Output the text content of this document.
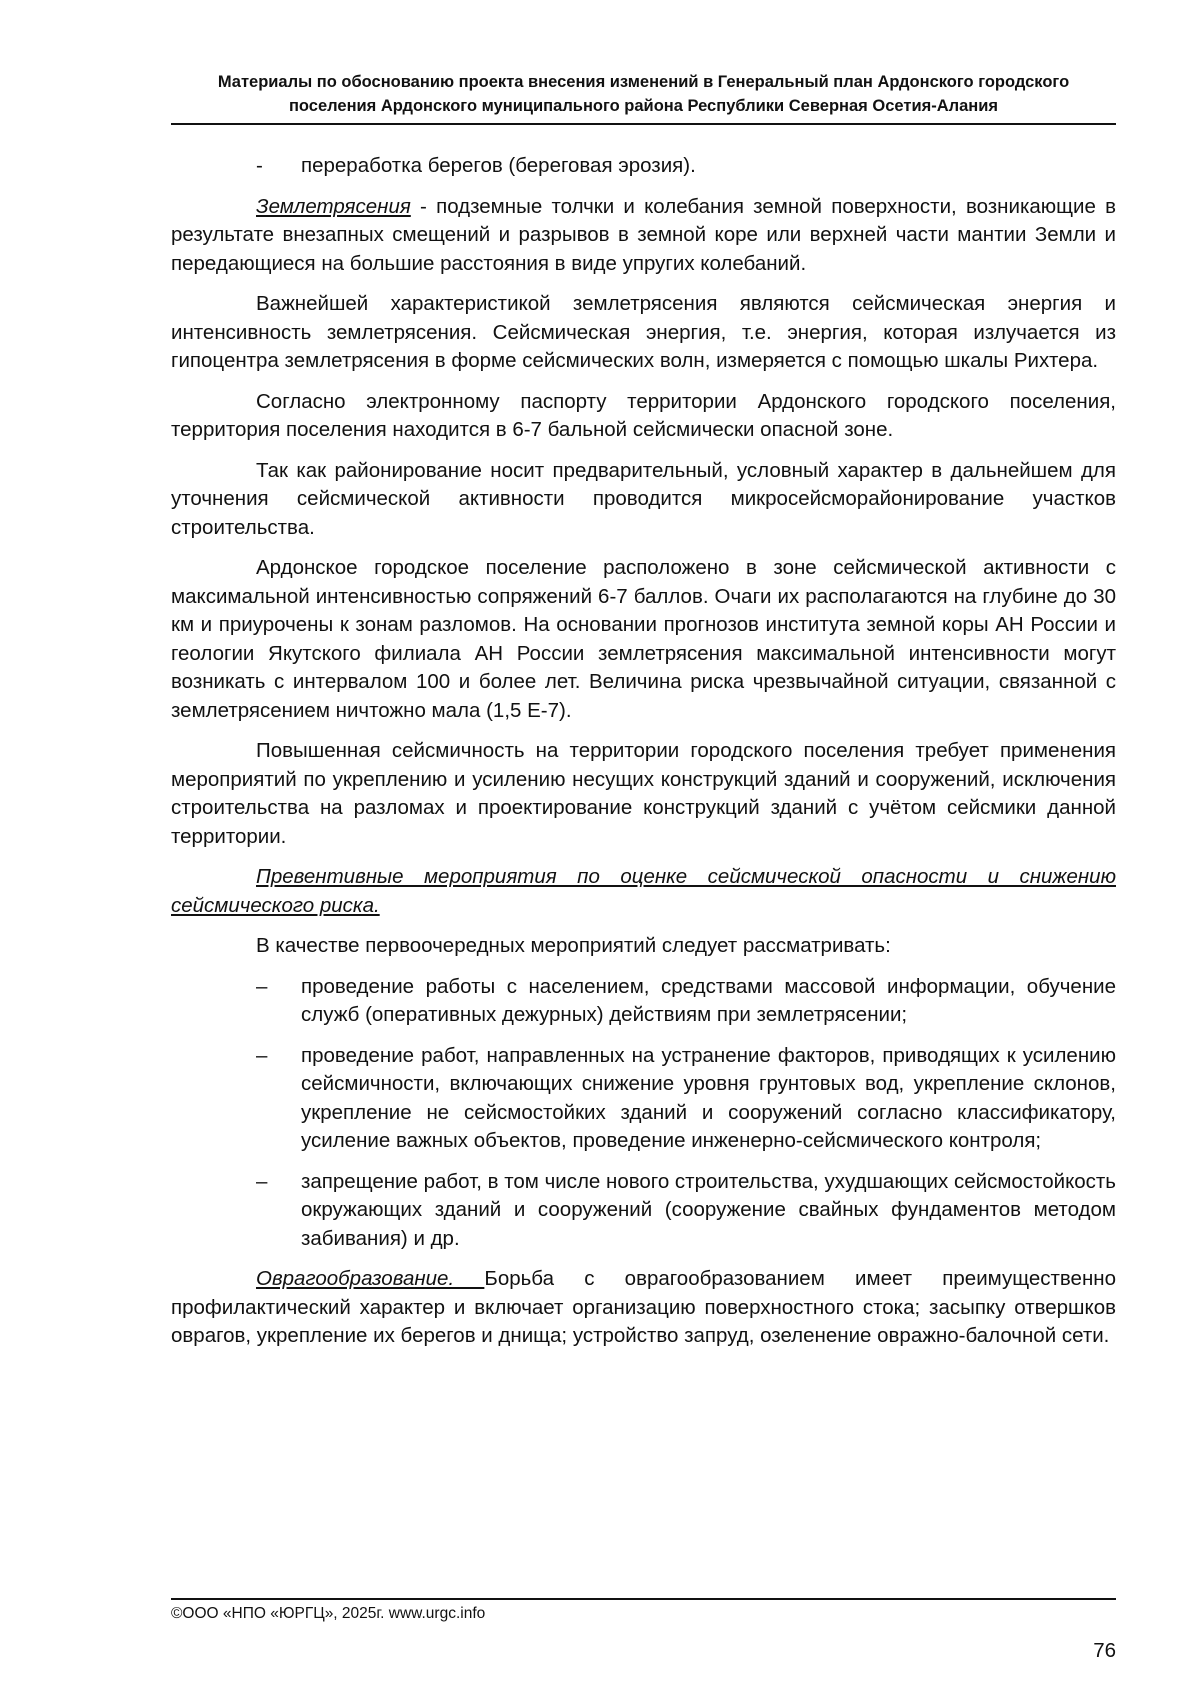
Материалы по обоснованию проекта внесения изменений в Генеральный план Ардонского городского
поселения Ардонского муниципального района Республики Северная Осетия-Алания
- переработка берегов (береговая эрозия).

Землетрясения - подземные толчки и колебания земной поверхности, возникающие в результате внезапных смещений и разрывов в земной коре или верхней части мантии Земли и передающиеся на большие расстояния в виде упругих колебаний.

Важнейшей характеристикой землетрясения являются сейсмическая энергия и интенсивность землетрясения. Сейсмическая энергия, т.е. энергия, которая излучается из гипоцентра землетрясения в форме сейсмических волн, измеряется с помощью шкалы Рихтера.

Согласно электронному паспорту территории Ардонского городского поселения, территория поселения находится в 6-7 бальной сейсмически опасной зоне.

Так как районирование носит предварительный, условный характер в дальнейшем для уточнения сейсмической активности проводится микросейсморайонирование участков строительства.

Ардонское городское поселение расположено в зоне сейсмической активности с максимальной интенсивностью сопряжений 6-7 баллов. Очаги их располагаются на глубине до 30 км и приурочены к зонам разломов. На основании прогнозов института земной коры АН России и геологии Якутского филиала АН России землетрясения максимальной интенсивности могут возникать с интервалом 100 и более лет. Величина риска чрезвычайной ситуации, связанной с землетрясением ничтожно мала (1,5 Е-7).

Повышенная сейсмичность на территории городского поселения требует применения мероприятий по укреплению и усилению несущих конструкций зданий и сооружений, исключения строительства на разломах и проектирование конструкций зданий с учётом сейсмики данной территории.

Превентивные мероприятия по оценке сейсмической опасности и снижению сейсмического риска.

В качестве первоочередных мероприятий следует рассматривать:

– проведение работы с населением, средствами массовой информации, обучение служб (оперативных дежурных) действиям при землетрясении;
– проведение работ, направленных на устранение факторов, приводящих к усилению сейсмичности, включающих снижение уровня грунтовых вод, укрепление склонов, укрепление не сейсмостойких зданий и сооружений согласно классификатору, усиление важных объектов, проведение инженерно-сейсмического контроля;
– запрещение работ, в том числе нового строительства, ухудшающих сейсмостойкость окружающих зданий и сооружений (сооружение свайных фундаментов методом забивания) и др.

Оврагообразование. Борьба с оврагообразованием имеет преимущественно профилактический характер и включает организацию поверхностного стока; засыпку отвершков оврагов, укрепление их берегов и днища; устройство запруд, озеленение овражно-балочной сети.

©ООО «НПО «ЮРГЦ», 2025г. www.urgc.info
76
